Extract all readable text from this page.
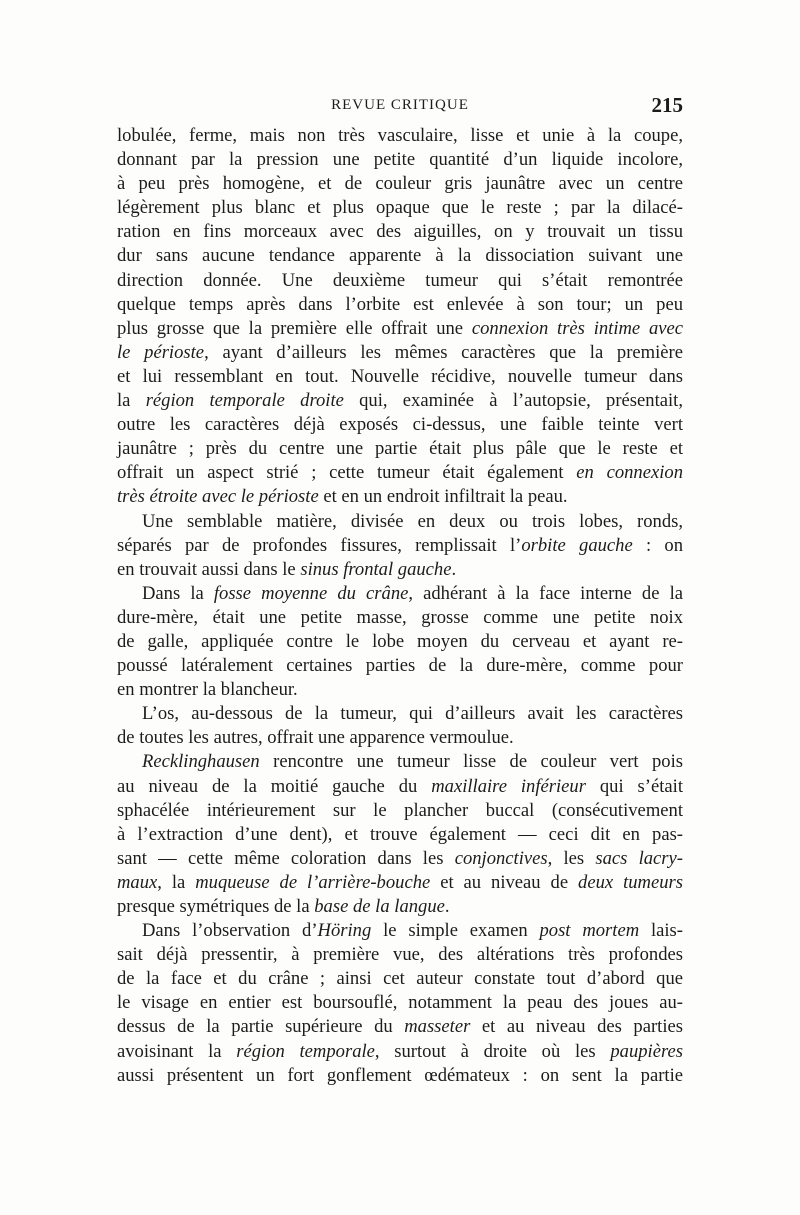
REVUE CRITIQUE	215
lobulée, ferme, mais non très vasculaire, lisse et unie à la coupe,
donnant par la pression une petite quantité d’un liquide incolore,
à peu près homogène, et de couleur gris jaunâtre avec un centre
légèrement plus blanc et plus opaque que le reste ; par la dilacé-
ration en fins morceaux avec des aiguilles, on y trouvait un tissu
dur sans aucune tendance apparente à la dissociation suivant une
direction donnée. Une deuxième tumeur qui s’était remontrée
quelque temps après dans l’orbite est enlevée à son tour; un peu
plus grosse que la première elle offrait une connexion très intime avec
le périoste, ayant d’ailleurs les mêmes caractères que la première
et lui ressemblant en tout. Nouvelle récidive, nouvelle tumeur dans
la région temporale droite qui, examinée à l’autopsie, présentait,
outre les caractères déjà exposés ci-dessus, une faible teinte vert
jaunâtre ; près du centre une partie était plus pâle que le reste et
offrait un aspect strié ; cette tumeur était également en connexion
très étroite avec le périoste et en un endroit infiltrait la peau.
Une semblable matière, divisée en deux ou trois lobes, ronds,
séparés par de profondes fissures, remplissait l’orbite gauche : on
en trouvait aussi dans le sinus frontal gauche.
Dans la fosse moyenne du crâne, adhérant à la face interne de la
dure-mère, était une petite masse, grosse comme une petite noix
de galle, appliquée contre le lobe moyen du cerveau et ayant re-
poussé latéralement certaines parties de la dure-mère, comme pour
en montrer la blancheur.
L’os, au-dessous de la tumeur, qui d’ailleurs avait les caractères
de toutes les autres, offrait une apparence vermoulue.
Recklinghausen rencontre une tumeur lisse de couleur vert pois
au niveau de la moitié gauche du maxillaire inférieur qui s’était
sphacélée intérieurement sur le plancher buccal (consécutivement
à l’extraction d’une dent), et trouve également — ceci dit en pas-
sant — cette même coloration dans les conjonctives, les sacs lacry-
maux, la muqueuse de l’arrière-bouche et au niveau de deux tumeurs
presque symétriques de la base de la langue.
Dans l’observation d’Höring le simple examen post mortem lais-
sait déjà pressentir, à première vue, des altérations très profondes
de la face et du crâne ; ainsi cet auteur constate tout d’abord que
le visage en entier est boursouflé, notamment la peau des joues au-
dessus de la partie supérieure du masseter et au niveau des parties
avoisinant la région temporale, surtout à droite où les paupières
aussi présentent un fort gonflement œdémateux : on sent la partie
